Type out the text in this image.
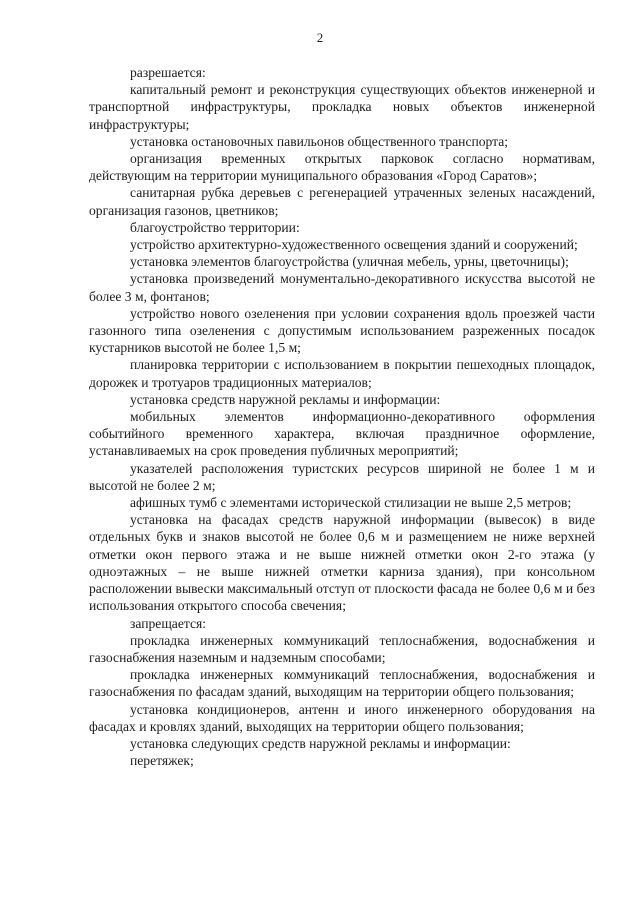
2

разрешается:

капитальный ремонт и реконструкция существующих объектов инженерной и транспортной инфраструктуры, прокладка новых объектов инженерной инфраструктуры;

установка остановочных павильонов общественного транспорта;

организация временных открытых парковок согласно нормативам, действующим на территории муниципального образования «Город Саратов»;

санитарная рубка деревьев с регенерацией утраченных зеленых насаждений, организация газонов, цветников;

благоустройство территории:

устройство архитектурно-художественного освещения зданий и сооружений;

установка элементов благоустройства (уличная мебель, урны, цветочницы);

установка произведений монументально-декоративного искусства высотой не более 3 м, фонтанов;

устройство нового озеленения при условии сохранения вдоль проезжей части газонного типа озеленения с допустимым использованием разреженных посадок кустарников высотой не более 1,5 м;

планировка территории с использованием в покрытии пешеходных площадок, дорожек и тротуаров традиционных материалов;

установка средств наружной рекламы и информации:

мобильных элементов информационно-декоративного оформления событийного временного характера, включая праздничное оформление, устанавливаемых на срок проведения публичных мероприятий;

указателей расположения туристских ресурсов шириной не более 1 м и высотой не более 2 м;

афишных тумб с элементами исторической стилизации не выше 2,5 метров;

установка на фасадах средств наружной информации (вывесок) в виде отдельных букв и знаков высотой не более 0,6 м и размещением не ниже верхней отметки окон первого этажа и не выше нижней отметки окон 2-го этажа (у одноэтажных – не выше нижней отметки карниза здания), при консольном расположении вывески максимальный отступ от плоскости фасада не более 0,6 м и без использования открытого способа свечения;

запрещается:

прокладка инженерных коммуникаций теплоснабжения, водоснабжения и газоснабжения наземным и надземным способами;

прокладка инженерных коммуникаций теплоснабжения, водоснабжения и газоснабжения по фасадам зданий, выходящим на территории общего пользования;

установка кондиционеров, антенн и иного инженерного оборудования на фасадах и кровлях зданий, выходящих на территории общего пользования;

установка следующих средств наружной рекламы и информации:

перетяжек;
